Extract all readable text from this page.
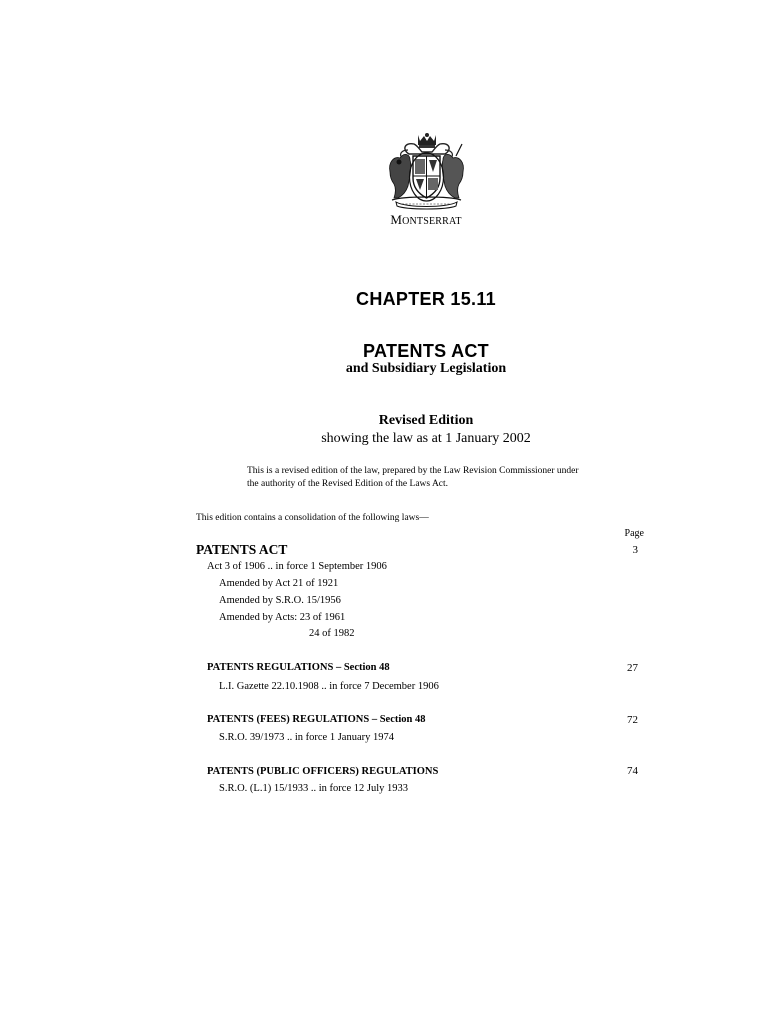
MONTSERRAT
CHAPTER 15.11
PATENTS ACT
and Subsidiary Legislation
Revised Edition
showing the law as at 1 January 2002
This is a revised edition of the law, prepared by the Law Revision Commissioner under
the authority of the Revised Edition of the Laws Act.
This edition contains a consolidation of the following laws—
Page
PATENTS ACT	3
Act 3 of 1906 .. in force 1 September 1906
Amended by Act 21 of 1921
Amended by S.R.O. 15/1956
Amended by Acts: 23 of 1961
24 of 1982
PATENTS REGULATIONS – Section 48	27
L.I. Gazette 22.10.1908 .. in force 7 December 1906
PATENTS (FEES) REGULATIONS – Section 48	72
S.R.O. 39/1973 .. in force 1 January 1974
PATENTS (PUBLIC OFFICERS) REGULATIONS	74
S.R.O. (L.1) 15/1933 .. in force 12 July 1933
